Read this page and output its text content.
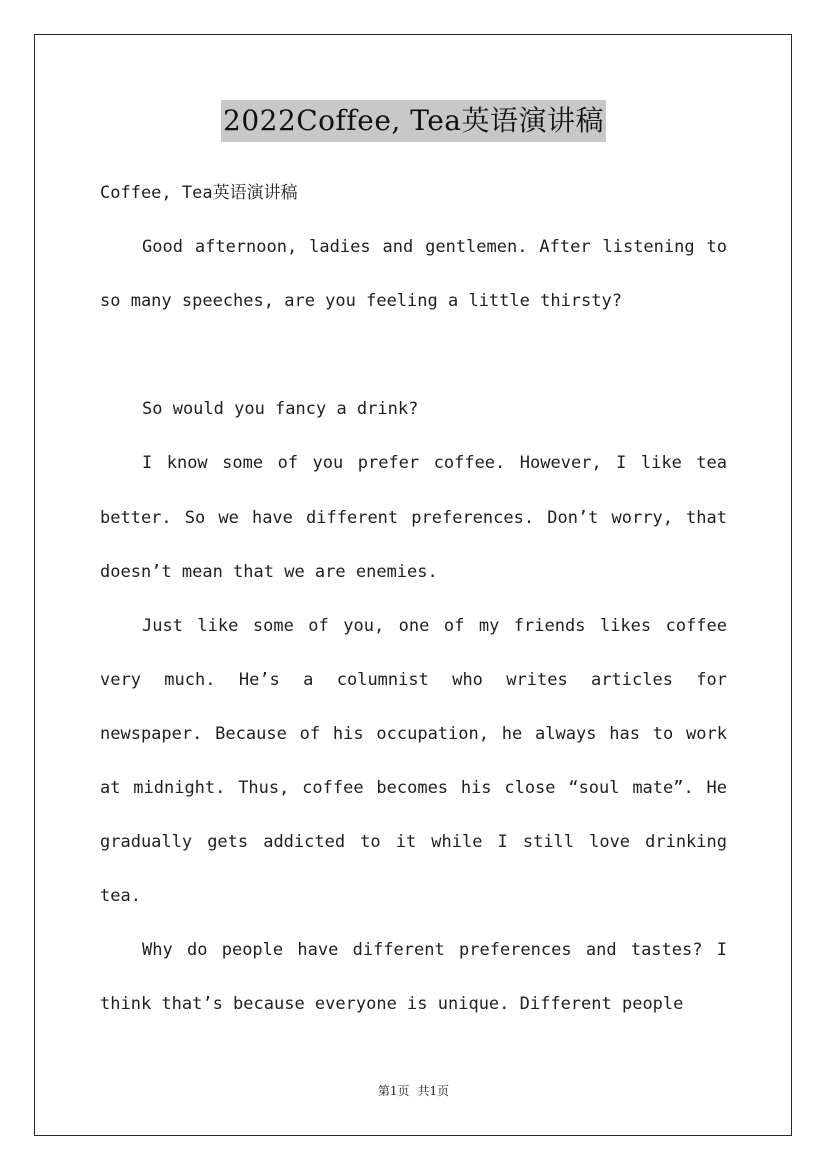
2022Coffee, Tea英语演讲稿

Coffee, Tea英语演讲稿

Good afternoon, ladies and gentlemen. After listening to so many speeches, are you feeling a little thirsty?

So would you fancy a drink?

I know some of you prefer coffee. However, I like tea better. So we have different preferences. Don’t worry, that doesn’t mean that we are enemies.

Just like some of you, one of my friends likes coffee very much. He’s a columnist who writes articles for newspaper. Because of his occupation, he always has to work at midnight. Thus, coffee becomes his close “soul mate”. He gradually gets addicted to it while I still love drinking tea.

Why do people have different preferences and tastes? I think that’s because everyone is unique. Different people

第1页 共1页
